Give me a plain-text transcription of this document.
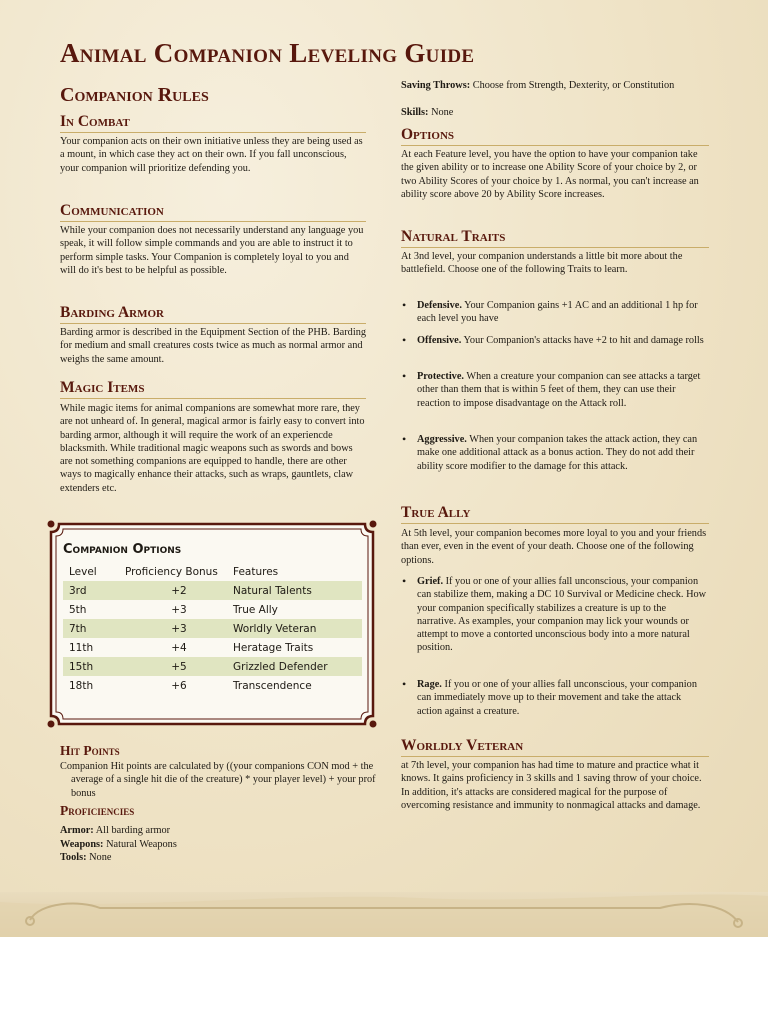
Animal Companion Leveling Guide
Companion Rules
In Combat

Your companion acts on their own initiative unless they are being used as a mount, in which case they act on their own. If you fall unconscious, your companion will prioritize defending you.

Communication

While your companion does not necessarily understand any language you speak, it will follow simple commands and you are able to instruct it to perform simple tasks. Your Companion is completely loyal to you and will do it's best to be helpful as possible.

Barding Armor

Barding armor is described in the Equipment Section of the PHB. Barding for medium and small creatures costs twice as much as normal armor and weighs the same amount.

Magic Items

While magic items for animal companions are somewhat more rare, they are not unheard of. In general, magical armor is fairly easy to convert into barding armor, although it will require the work of an experiencde blacksmith. While traditional magic weapons such as swords and bows are not something companions are equipped to handle, there are other ways to magically enhance their attacks, such as wraps, gauntlets, claw extenders etc.

Hit Points

Companion Hit points are calculated by ((your companions CON mod + the average of a single hit die of the creature) * your player level) + your prof bonus

Proficiencies

Armor: All barding armor

Weapons: Natural Weapons

Tools: None

Companion Options
Level	Proficiency Bonus	Features
3rd	+2	Natural Talents
5th	+3	True Ally
7th	+3	Worldly Veteran
11th	+4	Heratage Traits
15th	+5	Grizzled Defender
18th	+6	Transcendence

Saving Throws: Choose from Strength, Dexterity, or Constitution

Skills: None

Options

At each Feature level, you have the option to have your companion take the given ability or to increase one Ability Score of your choice by 2, or two Ability Scores of your choice by 1. As normal, you can't increase an ability score above 20 by Ability Score increases.

Natural Traits

At 3nd level, your companion understands a little bit more about the battlefield. Choose one of the following Traits to learn.

• Defensive. Your Companion gains +1 AC and an additional 1 hp for each level you have

• Offensive. Your Companion's attacks have +2 to hit and damage rolls

• Protective. When a creature your companion can see attacks a target other than them that is within 5 feet of them, they can use their reaction to impose disadvantage on the Attack roll.

• Aggressive. When your companion takes the attack action, they can make one additional attack as a bonus action. They do not add their ability score modifier to the damage for this attack.

True Ally

At 5th level, your companion becomes more loyal to you and your friends than ever, even in the event of your death. Choose one of the following options.

• Grief. If you or one of your allies fall unconscious, your companion can stabilize them, making a DC 10 Survival or Medicine check. How your companion specifically stabilizes a creature is up to the narrative. As examples, your companion may lick your wounds or attempt to move a contorted unconscious body into a more natural position.

• Rage. If you or one of your allies fall unconscious, your companion can immediately move up to their movement and take the attack action against a creature.

Worldly Veteran

at 7th level, your companion has had time to mature and practice what it knows. It gains proficiency in 3 skills and 1 saving throw of your choice. In addition, it's attacks are considered magical for the purpose of overcoming resistance and immunity to nonmagical attacks and damage.
